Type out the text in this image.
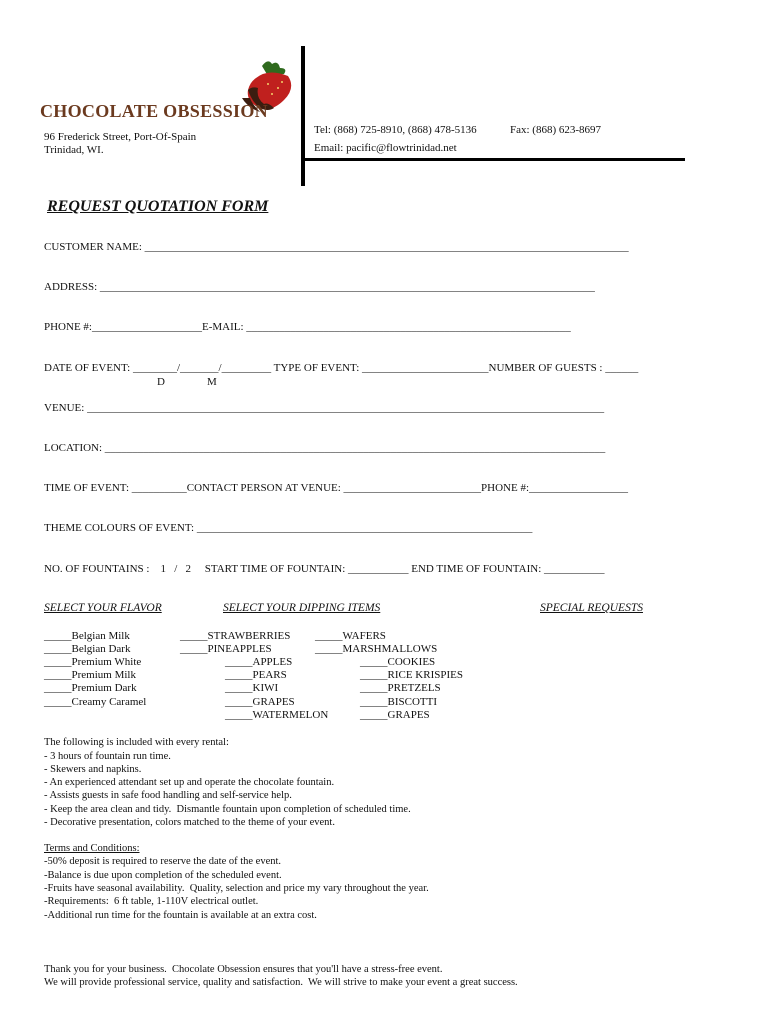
CHOCOLATE OBSESSION
96 Frederick Street, Port-Of-Spain
Trinidad, WI.
Tel: (868) 725-8910, (868) 478-5136	Fax: (868) 623-8697
Email: pacific@flowtrinidad.net
REQUEST QUOTATION FORM
CUSTOMER NAME: ________________________________________________________________________________________
ADDRESS: __________________________________________________________________________________________
PHONE #:____________________E-MAIL: ___________________________________________________________
DATE OF EVENT: ________/_______/_________ TYPE OF EVENT: _______________________NUMBER OF GUESTS : ______
D	M
VENUE: ______________________________________________________________________________________________
LOCATION: ___________________________________________________________________________________________
TIME OF EVENT: __________CONTACT PERSON AT VENUE: _________________________PHONE #:__________________
THEME COLOURS OF EVENT: _____________________________________________________________
NO. OF FOUNTAINS :    1   /   2     START TIME OF FOUNTAIN: ___________ END TIME OF FOUNTAIN: ___________
SELECT YOUR FLAVOR	SELECT YOUR DIPPING ITEMS	SPECIAL REQUESTS
_____Belgian Milk
_____Belgian Dark
_____Premium White
_____Premium Milk
_____Premium Dark
_____Creamy Caramel
_____STRAWBERRIES
_____PINEAPPLES
_____WAFERS
_____MARSHMALLOWS
_____APPLES
_____PEARS
_____KIWI
_____GRAPES
_____WATERMELON
_____COOKIES
_____RICE KRISPIES
_____PRETZELS
_____BISCOTTI
_____GRAPES
The following is included with every rental:
- 3 hours of fountain run time.
- Skewers and napkins.
- An experienced attendant set up and operate the chocolate fountain.
- Assists guests in safe food handling and self-service help.
- Keep the area clean and tidy.  Dismantle fountain upon completion of scheduled time.
- Decorative presentation, colors matched to the theme of your event.
Terms and Conditions:
-50% deposit is required to reserve the date of the event.
-Balance is due upon completion of the scheduled event.
-Fruits have seasonal availability.  Quality, selection and price my vary throughout the year.
-Requirements:  6 ft table, 1-110V electrical outlet.
-Additional run time for the fountain is available at an extra cost.
Thank you for your business.  Chocolate Obsession ensures that you'll have a stress-free event.
We will provide professional service, quality and satisfaction.  We will strive to make your event a great success.
